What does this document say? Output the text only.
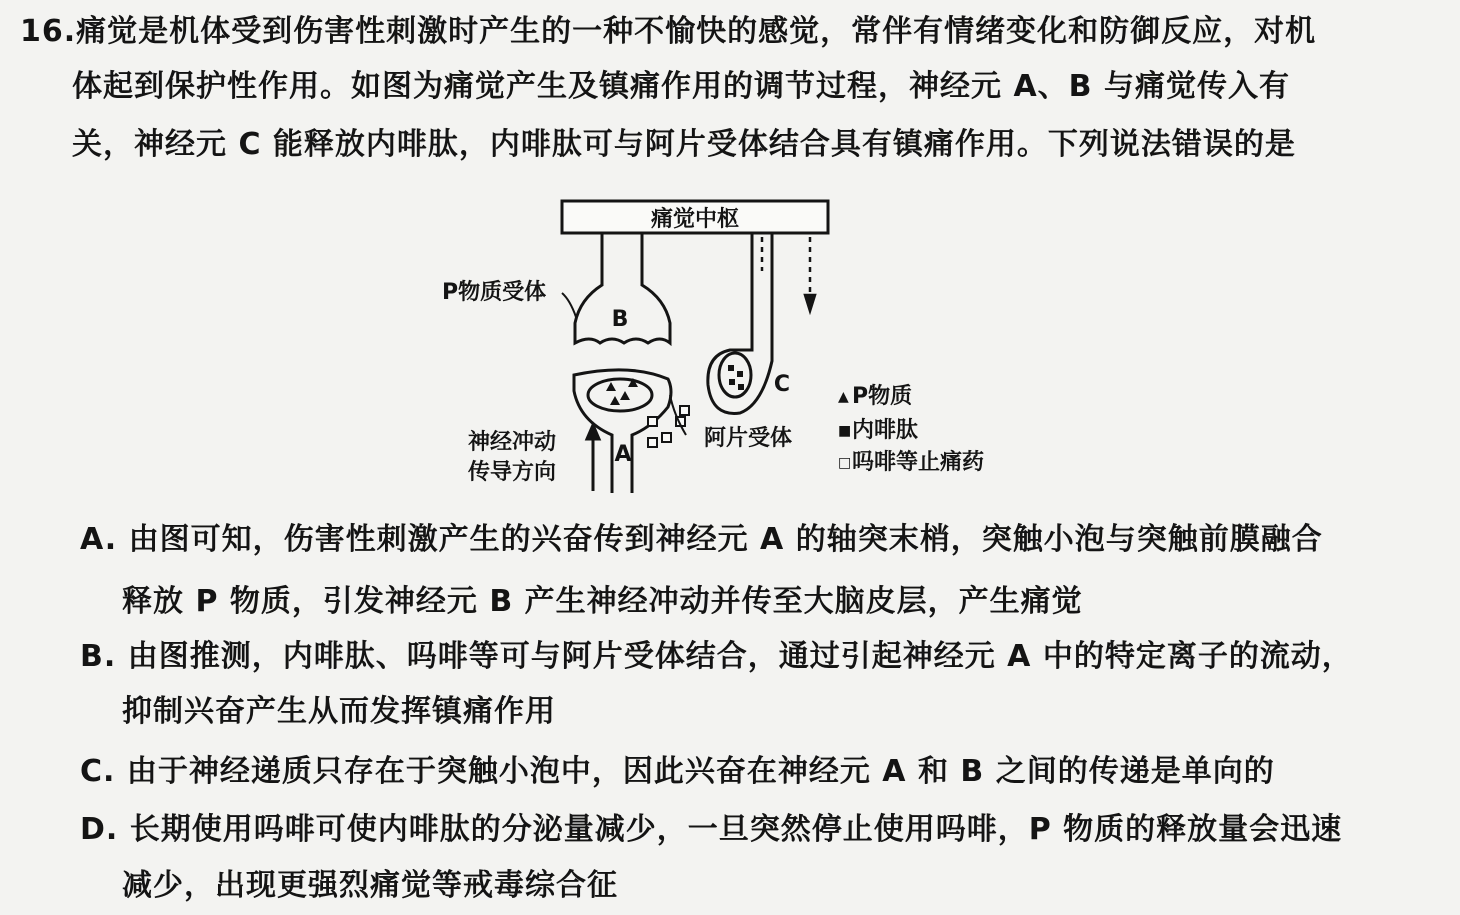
16.痛觉是机体受到伤害性刺激时产生的一种不愉快的感觉，常伴有情绪变化和防御反应，对机
体起到保护性作用。如图为痛觉产生及镇痛作用的调节过程，神经元 A、B 与痛觉传入有
关，神经元 C 能释放内啡肽，内啡肽可与阿片受体结合具有镇痛作用。下列说法错误的是
痛觉中枢
B
P物质受体
A
阿片受体
神经冲动
传导方向
C	▲ P物质
■ 内啡肽
□ 吗啡等止痛药
A. 由图可知，伤害性刺激产生的兴奋传到神经元 A 的轴突末梢，突触小泡与突触前膜融合
释放 P 物质，引发神经元 B 产生神经冲动并传至大脑皮层，产生痛觉
B. 由图推测，内啡肽、吗啡等可与阿片受体结合，通过引起神经元 A 中的特定离子的流动，
抑制兴奋产生从而发挥镇痛作用
C. 由于神经递质只存在于突触小泡中，因此兴奋在神经元 A 和 B 之间的传递是单向的
D. 长期使用吗啡可使内啡肽的分泌量减少，一旦突然停止使用吗啡，P 物质的释放量会迅速
减少，出现更强烈痛觉等戒毒综合征
